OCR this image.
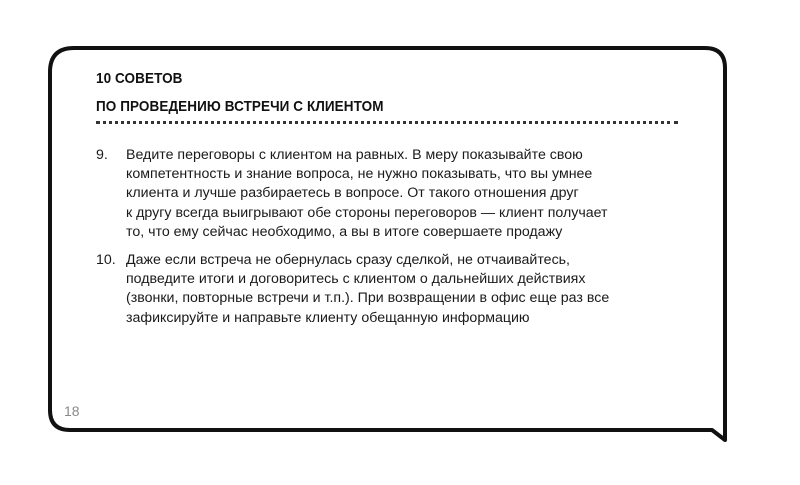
10 СОВЕТОВ
ПО ПРОВЕДЕНИЮ ВСТРЕЧИ С КЛИЕНТОМ
9. Ведите переговоры с клиентом на равных. В меру показывайте свою
компетентность и знание вопроса, не нужно показывать, что вы умнее
клиента и лучше разбираетесь в вопросе. От такого отношения друг
к другу всегда выигрывают обе стороны переговоров — клиент получает
то, что ему сейчас необходимо, а вы в итоге совершаете продажу
10. Даже если встреча не обернулась сразу сделкой, не отчаивайтесь,
подведите итоги и договоритесь с клиентом о дальнейших действиях
(звонки, повторные встречи и т.п.). При возвращении в офис еще раз все
зафиксируйте и направьте клиенту обещанную информацию
18
